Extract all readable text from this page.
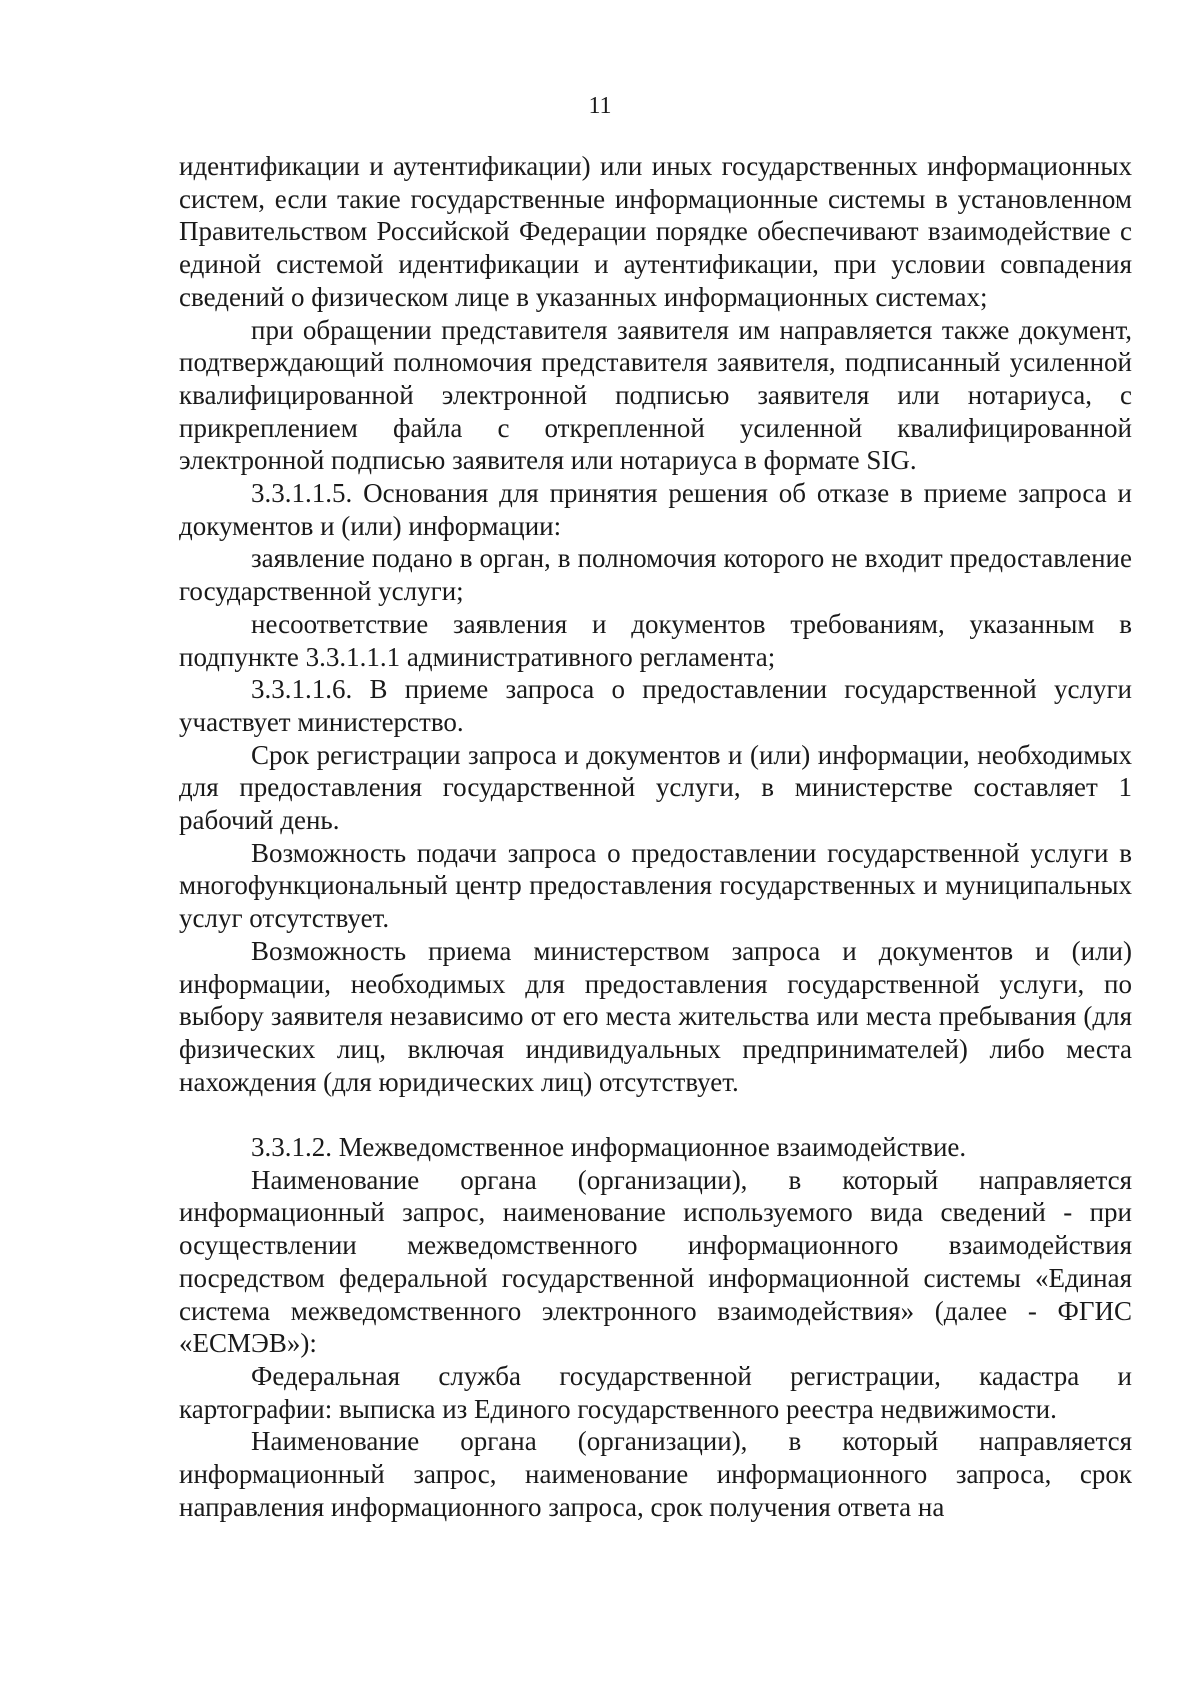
11

идентификации и аутентификации) или иных государственных информационных систем, если такие государственные информационные системы в установленном Правительством Российской Федерации порядке обеспечивают взаимодействие с единой системой идентификации и аутентификации, при условии совпадения сведений о физическом лице в указанных информационных системах;

при обращении представителя заявителя им направляется также документ, подтверждающий полномочия представителя заявителя, подписанный усиленной квалифицированной электронной подписью заявителя или нотариуса, с прикреплением файла с открепленной усиленной квалифицированной электронной подписью заявителя или нотариуса в формате SIG.

3.3.1.1.5. Основания для принятия решения об отказе в приеме запроса и документов и (или) информации:

заявление подано в орган, в полномочия которого не входит предоставление государственной услуги;

несоответствие заявления и документов требованиям, указанным в подпункте 3.3.1.1.1 административного регламента;

3.3.1.1.6. В приеме запроса о предоставлении государственной услуги участвует министерство.

Срок регистрации запроса и документов и (или) информации, необходимых для предоставления государственной услуги, в министерстве составляет 1 рабочий день.

Возможность подачи запроса о предоставлении государственной услуги в многофункциональный центр предоставления государственных и муниципальных услуг отсутствует.

Возможность приема министерством запроса и документов и (или) информации, необходимых для предоставления государственной услуги, по выбору заявителя независимо от его места жительства или места пребывания (для физических лиц, включая индивидуальных предпринимателей) либо места нахождения (для юридических лиц) отсутствует.

3.3.1.2. Межведомственное информационное взаимодействие.

Наименование органа (организации), в который направляется информационный запрос, наименование используемого вида сведений - при осуществлении межведомственного информационного взаимодействия посредством федеральной государственной информационной системы «Единая система межведомственного электронного взаимодействия» (далее - ФГИС «ЕСМЭВ»):

Федеральная служба государственной регистрации, кадастра и картографии: выписка из Единого государственного реестра недвижимости.

Наименование органа (организации), в который направляется информационный запрос, наименование информационного запроса, срок направления информационного запроса, срок получения ответа на
